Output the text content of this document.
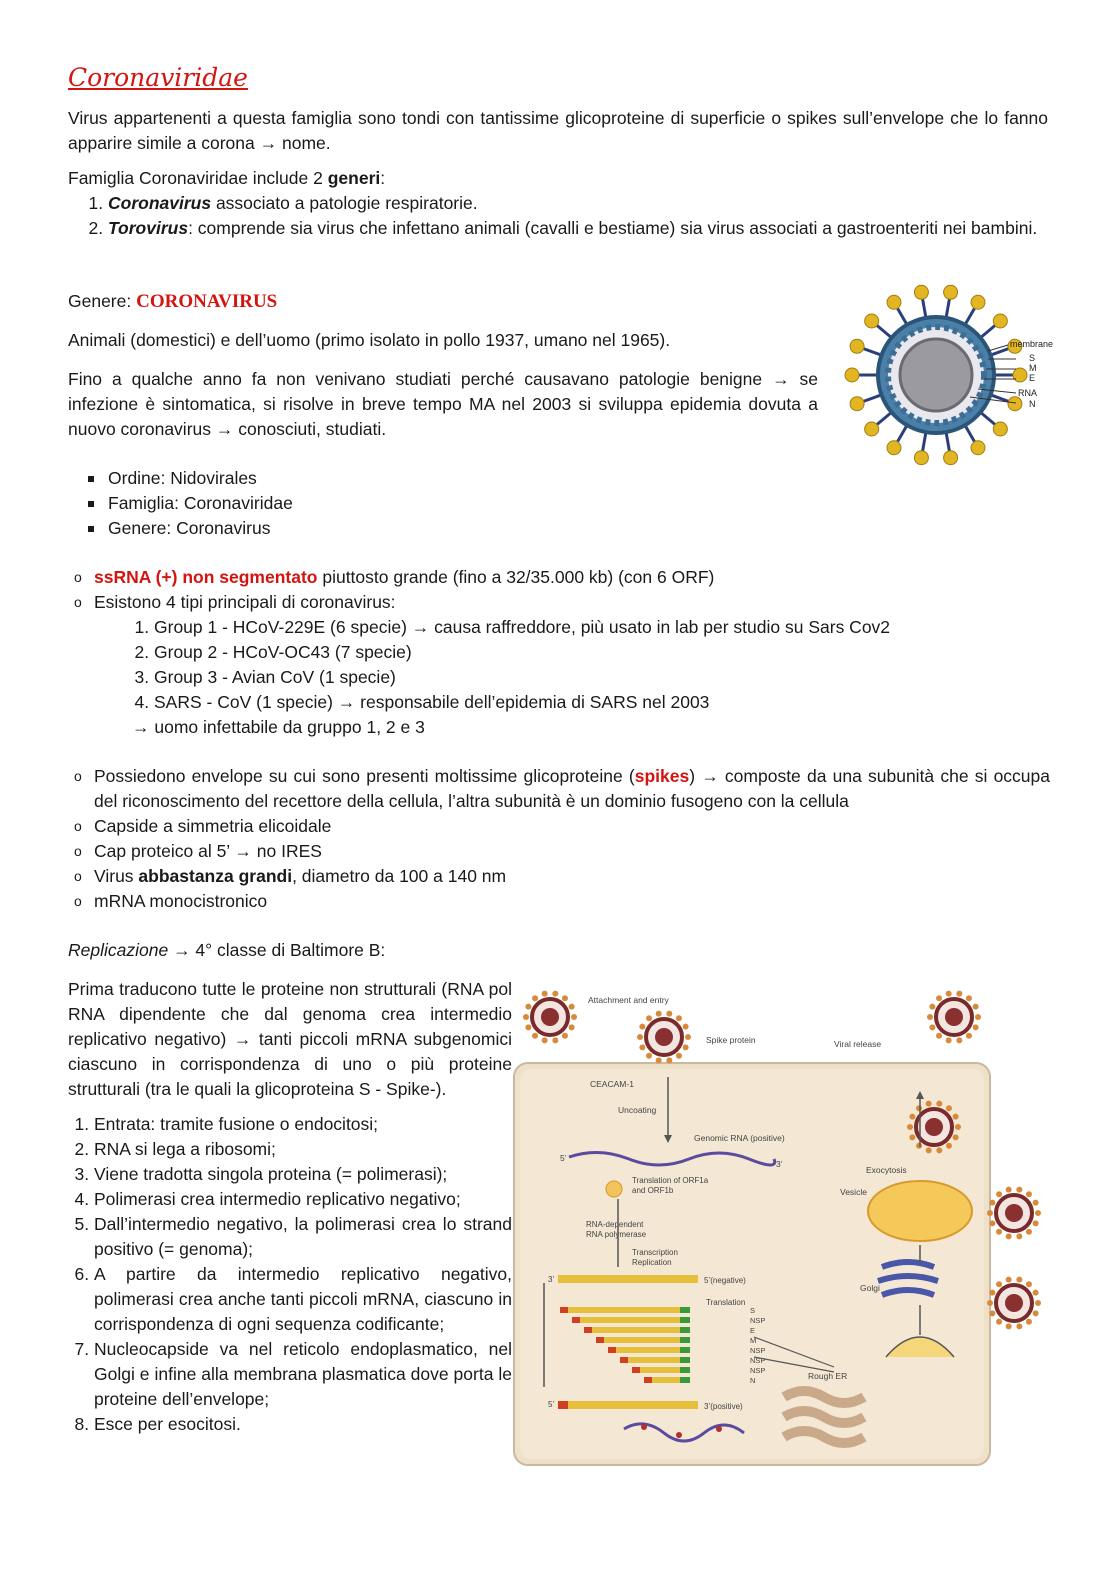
Coronaviridae

Virus appartenenti a questa famiglia sono tondi con tantissime glicoproteine di superficie o spikes sull’envelope che lo fanno apparire simile a corona → nome.

Famiglia Coronaviridae include 2 generi:

1. Coronavirus associato a patologie respiratorie.
2. Torovirus: comprende sia virus che infettano animali (cavalli e bestiame) sia virus associati a gastroenteriti nei bambini.

Genere: CORONAVIRUS

Animali (domestici) e dell’uomo (primo isolato in pollo 1937, umano nel 1965).

Fino a qualche anno fa non venivano studiati perché causavano patologie benigne → se infezione è sintomatica, si risolve in breve tempo MA nel 2003 si sviluppa epidemia dovuta a nuovo coronavirus → conosciuti, studiati.

Ordine: Nidovirales
Famiglia: Coronaviridae
Genere: Coronavirus
membrane
S
M
E
RNA
N
o ssRNA (+) non segmentato piuttosto grande (fino a 32/35.000 kb) (con 6 ORF)
o Esistono 4 tipi principali di coronavirus:
1. Group 1 - HCoV-229E (6 specie) → causa raffreddore, più usato in lab per studio su Sars Cov2
2. Group 2 - HCoV-OC43 (7 specie)
3. Group 3 - Avian CoV (1 specie)
4. SARS - CoV (1 specie) → responsabile dell’epidemia di SARS nel 2003

→ uomo infettabile da gruppo 1, 2 e 3

o Possiedono envelope su cui sono presenti moltissime glicoproteine (spikes) → composte da una subunità che si occupa del riconoscimento del recettore della cellula, l’altra subunità è un dominio fusogeno con la cellula
o Capside a simmetria elicoidale
o Cap proteico al 5’ → no IRES
o Virus abbastanza grandi, diametro da 100 a 140 nm
o mRNA monocistronico

Replicazione → 4° classe di Baltimore B:

Prima traducono tutte le proteine non strutturali (RNA pol RNA dipendente che dal genoma crea intermedio replicativo negativo) → tanti piccoli mRNA subgenomici ciascuno in corrispondenza di uno o più proteine strutturali (tra le quali la glicoproteina S - Spike-).

1. Entrata: tramite fusione o endocitosi;
2. RNA si lega a ribosomi;
3. Viene tradotta singola proteina (= polimerasi);
4. Polimerasi crea intermedio replicativo negativo;
5. Dall’intermedio negativo, la polimerasi crea lo strand positivo (= genoma);
6. A partire da intermedio replicativo negativo, polimerasi crea anche tanti piccoli mRNA, ciascuno in corrispondenza di ogni sequenza codificante;
7. Nucleocapside va nel reticolo endoplasmatico, nel Golgi e infine alla membrana plasmatica dove porta le proteine dell’envelope;
8. Esce per esocitosi.
Attachment and entry
Spike protein	Viral release
CEACAM-1
Uncoating
Genomic RNA (positive)
5’
3’
Translation of ORF1a
and ORF1b
RNA-dependent
RNA polymerase
Transcription
Replication
3’	5’(negative)
Translation
S
NSP
E
M
NSP
NSP
NSP
N
5’	3’(positive)
Rough ER
Golgi
Exocytosis
Vesicle
